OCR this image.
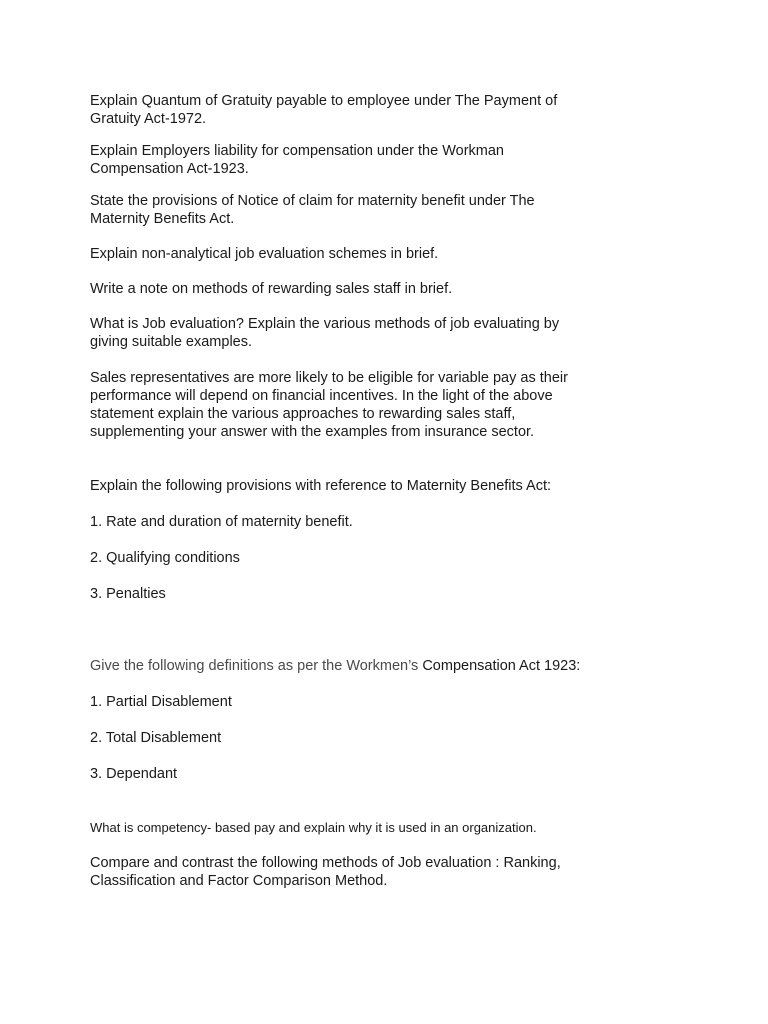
Explain Quantum of Gratuity payable to employee under The Payment of
Gratuity Act-1972.

Explain Employers liability for compensation under the Workman
Compensation Act-1923.

State the provisions of Notice of claim for maternity benefit under The
Maternity Benefits Act.

Explain non-analytical job evaluation schemes in brief.

Write a note on methods of rewarding sales staff in brief.

What is Job evaluation? Explain the various methods of job evaluating by
giving suitable examples.

Sales representatives are more likely to be eligible for variable pay as their
performance will depend on financial incentives. In the light of the above
statement explain the various approaches to rewarding sales staff,
supplementing your answer with the examples from insurance sector.

Explain the following provisions with reference to Maternity Benefits Act:

1. Rate and duration of maternity benefit.

2. Qualifying conditions

3. Penalties

Give the following definitions as per the Workmen’s Compensation Act 1923:

1. Partial Disablement

2. Total Disablement

3. Dependant

What is competency- based pay and explain why it is used in an organization.

Compare and contrast the following methods of Job evaluation : Ranking,
Classification and Factor Comparison Method.
